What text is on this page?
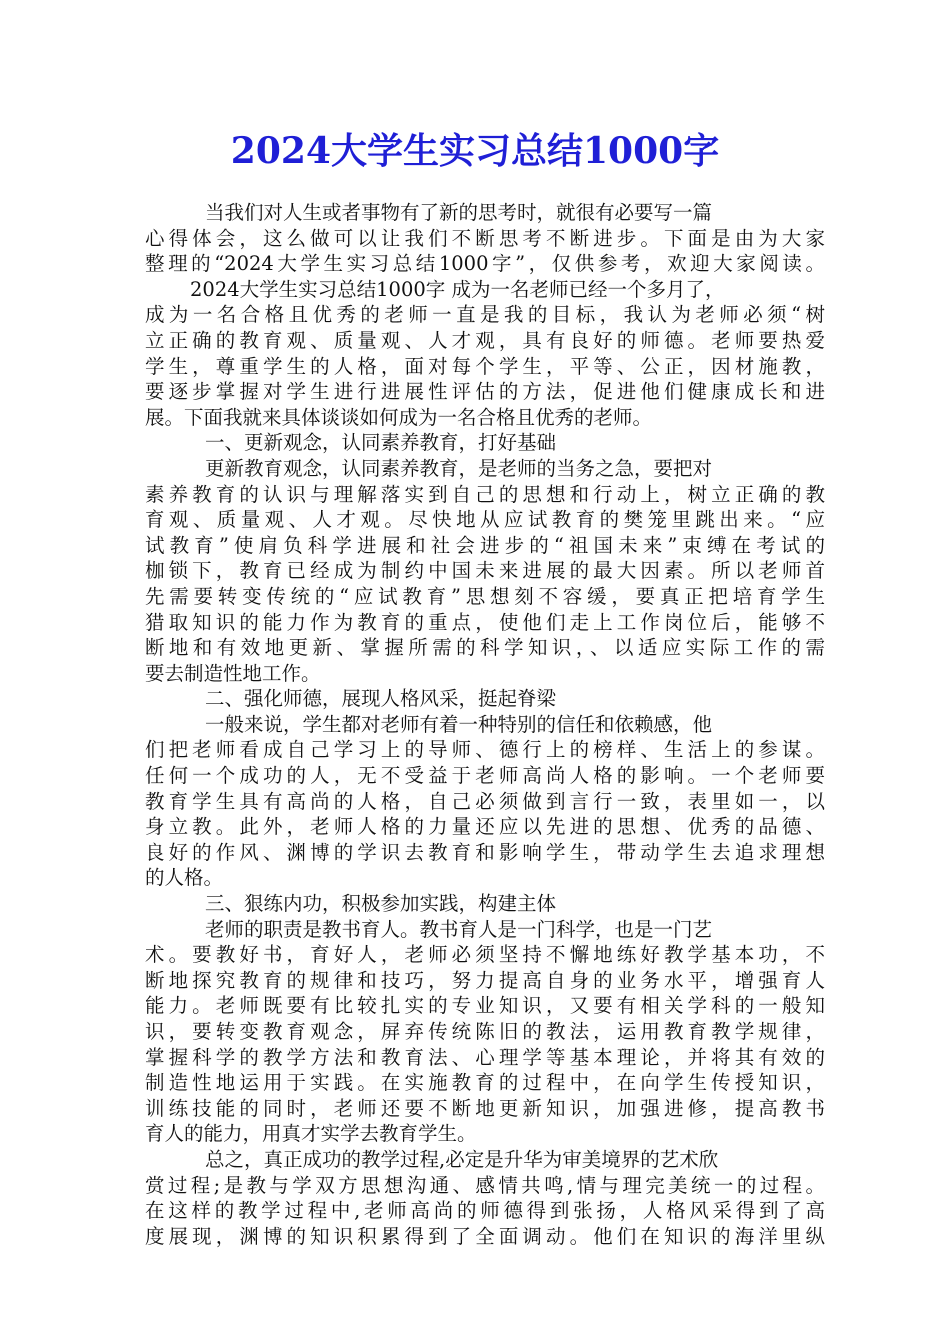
2024大学生实习总结1000字
当我们对人生或者事物有了新的思考时，就很有必要写一篇
心得体会，这么做可以让我们不断思考不断进步。下面是由为大家
整理的“2024大学生实习总结1000字”，仅供参考，欢迎大家阅读。
2024大学生实习总结1000字 成为一名老师已经一个多月了，
成为一名合格且优秀的老师一直是我的目标，我认为老师必须“树
立正确的教育观、质量观、人才观，具有良好的师德。老师要热爱
学生，尊重学生的人格，面对每个学生，平等、公正，因材施教，
要逐步掌握对学生进行进展性评估的方法，促进他们健康成长和进
展。下面我就来具体谈谈如何成为一名合格且优秀的老师。
一、更新观念，认同素养教育，打好基础
更新教育观念，认同素养教育，是老师的当务之急，要把对
素养教育的认识与理解落实到自己的思想和行动上，树立正确的教
育观、质量观、人才观。尽快地从应试教育的樊笼里跳出来。“应
试教育”使肩负科学进展和社会进步的“祖国未来”束缚在考试的
枷锁下，教育已经成为制约中国未来进展的最大因素。所以老师首
先需要转变传统的“应试教育”思想刻不容缓，要真正把培育学生
猎取知识的能力作为教育的重点，使他们走上工作岗位后，能够不
断地和有效地更新、掌握所需的科学知识，、以适应实际工作的需
要去制造性地工作。
二、强化师德，展现人格风采，挺起脊梁
一般来说，学生都对老师有着一种特别的信任和依赖感，他
们把老师看成自己学习上的导师、德行上的榜样、生活上的参谋。
任何一个成功的人，无不受益于老师高尚人格的影响。一个老师要
教育学生具有高尚的人格，自己必须做到言行一致，表里如一，以
身立教。此外，老师人格的力量还应以先进的思想、优秀的品德、
良好的作风、渊博的学识去教育和影响学生，带动学生去追求理想
的人格。
三、狠练内功，积极参加实践，构建主体
老师的职责是教书育人。教书育人是一门科学，也是一门艺
术。要教好书，育好人，老师必须坚持不懈地练好教学基本功，不
断地探究教育的规律和技巧，努力提高自身的业务水平，增强育人
能力。老师既要有比较扎实的专业知识，又要有相关学科的一般知
识，要转变教育观念，屏弃传统陈旧的教法，运用教育教学规律，
掌握科学的教学方法和教育法、心理学等基本理论，并将其有效的
制造性地运用于实践。在实施教育的过程中，在向学生传授知识，
训练技能的同时，老师还要不断地更新知识，加强进修，提高教书
育人的能力，用真才实学去教育学生。
总之，真正成功的教学过程,必定是升华为审美境界的艺术欣
赏过程;是教与学双方思想沟通、感情共鸣,情与理完美统一的过程。
在这样的教学过程中,老师高尚的师德得到张扬，人格风采得到了高
度展现，渊博的知识积累得到了全面调动。他们在知识的海洋里纵
